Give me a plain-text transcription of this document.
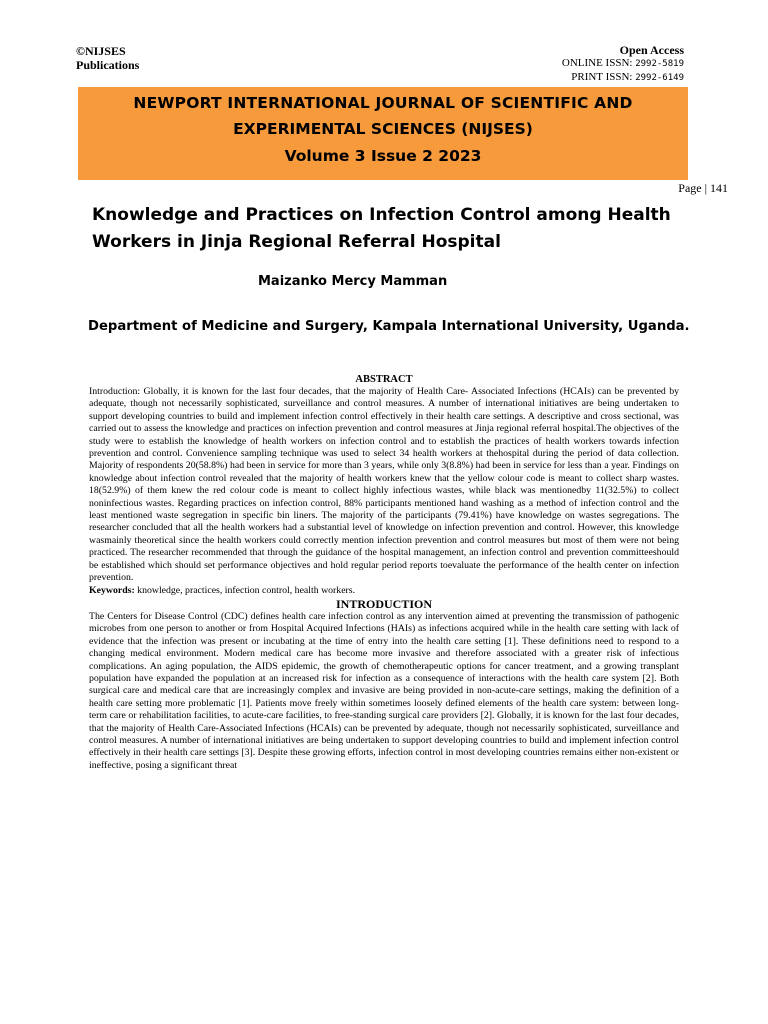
©NIJSES
Publications
Open Access
ONLINE ISSN: 2992-5819
PRINT ISSN: 2992-6149
NEWPORT INTERNATIONAL JOURNAL OF SCIENTIFIC AND
EXPERIMENTAL SCIENCES (NIJSES)
Volume 3 Issue 2 2023
Page | 141
Knowledge and Practices on Infection Control among Health Workers in Jinja Regional Referral Hospital
Maizanko Mercy Mamman
Department of Medicine and Surgery, Kampala International University, Uganda.
ABSTRACT

Introduction: Globally, it is known for the last four decades, that the majority of Health Care- Associated Infections (HCAIs) can be prevented by adequate, though not necessarily sophisticated, surveillance and control measures. A number of international initiatives are being undertaken to support developing countries to build and implement infection control effectively in their health care settings. A descriptive and cross sectional, was carried out to assess the knowledge and practices on infection prevention and control measures at Jinja regional referral hospital.The objectives of the study were to establish the knowledge of health workers on infection control and to establish the practices of health workers towards infection prevention and control. Convenience sampling technique was used to select 34 health workers at thehospital during the period of data collection. Majority of respondents 20(58.8%) had been in service for more than 3 years, while only 3(8.8%) had been in service for less than a year. Findings on knowledge about infection control revealed that the majority of health workers knew that the yellow colour code is meant to collect sharp wastes. 18(52.9%) of them knew the red colour code is meant to collect highly infectious wastes, while black was mentionedby 11(32.5%) to collect noninfectious wastes. Regarding practices on infection control, 88% participants mentioned hand washing as a method of infection control and the least mentioned waste segregation in specific bin liners. The majority of the participants (79.41%) have knowledge on wastes segregations. The researcher concluded that all the health workers had a substantial level of knowledge on infection prevention and control. However, this knowledge wasmainly theoretical since the health workers could correctly mention infection prevention and control measures but most of them were not being practiced. The researcher recommended that through the guidance of the hospital management, an infection control and prevention committeeshould be established which should set performance objectives and hold regular period reports toevaluate the performance of the health center on infection prevention.

Keywords: knowledge, practices, infection control, health workers.

INTRODUCTION

The Centers for Disease Control (CDC) defines health care infection control as any intervention aimed at preventing the transmission of pathogenic microbes from one person to another or from Hospital Acquired Infections (HAIs) as infections acquired while in the health care setting with lack of evidence that the infection was present or incubating at the time of entry into the health care setting [1]. These definitions need to respond to a changing medical environment. Modern medical care has become more invasive and therefore associated with a greater risk of infectious complications. An aging population, the AIDS epidemic, the growth of chemotherapeutic options for cancer treatment, and a growing transplant population have expanded the population at an increased risk for infection as a consequence of interactions with the health care system [2]. Both surgical care and medical care that are increasingly complex and invasive are being provided in non-acute-care settings, making the definition of a health care setting more problematic [1]. Patients move freely within sometimes loosely defined elements of the health care system: between long-term care or rehabilitation facilities, to acute-care facilities, to free-standing surgical care providers [2]. Globally, it is known for the last four decades, that the majority of Health Care-Associated Infections (HCAIs) can be prevented by adequate, though not necessarily sophisticated, surveillance and control measures. A number of international initiatives are being undertaken to support developing countries to build and implement infection control effectively in their health care settings [3]. Despite these growing efforts, infection control in most developing countries remains either non-existent or ineffective, posing a significant threat
